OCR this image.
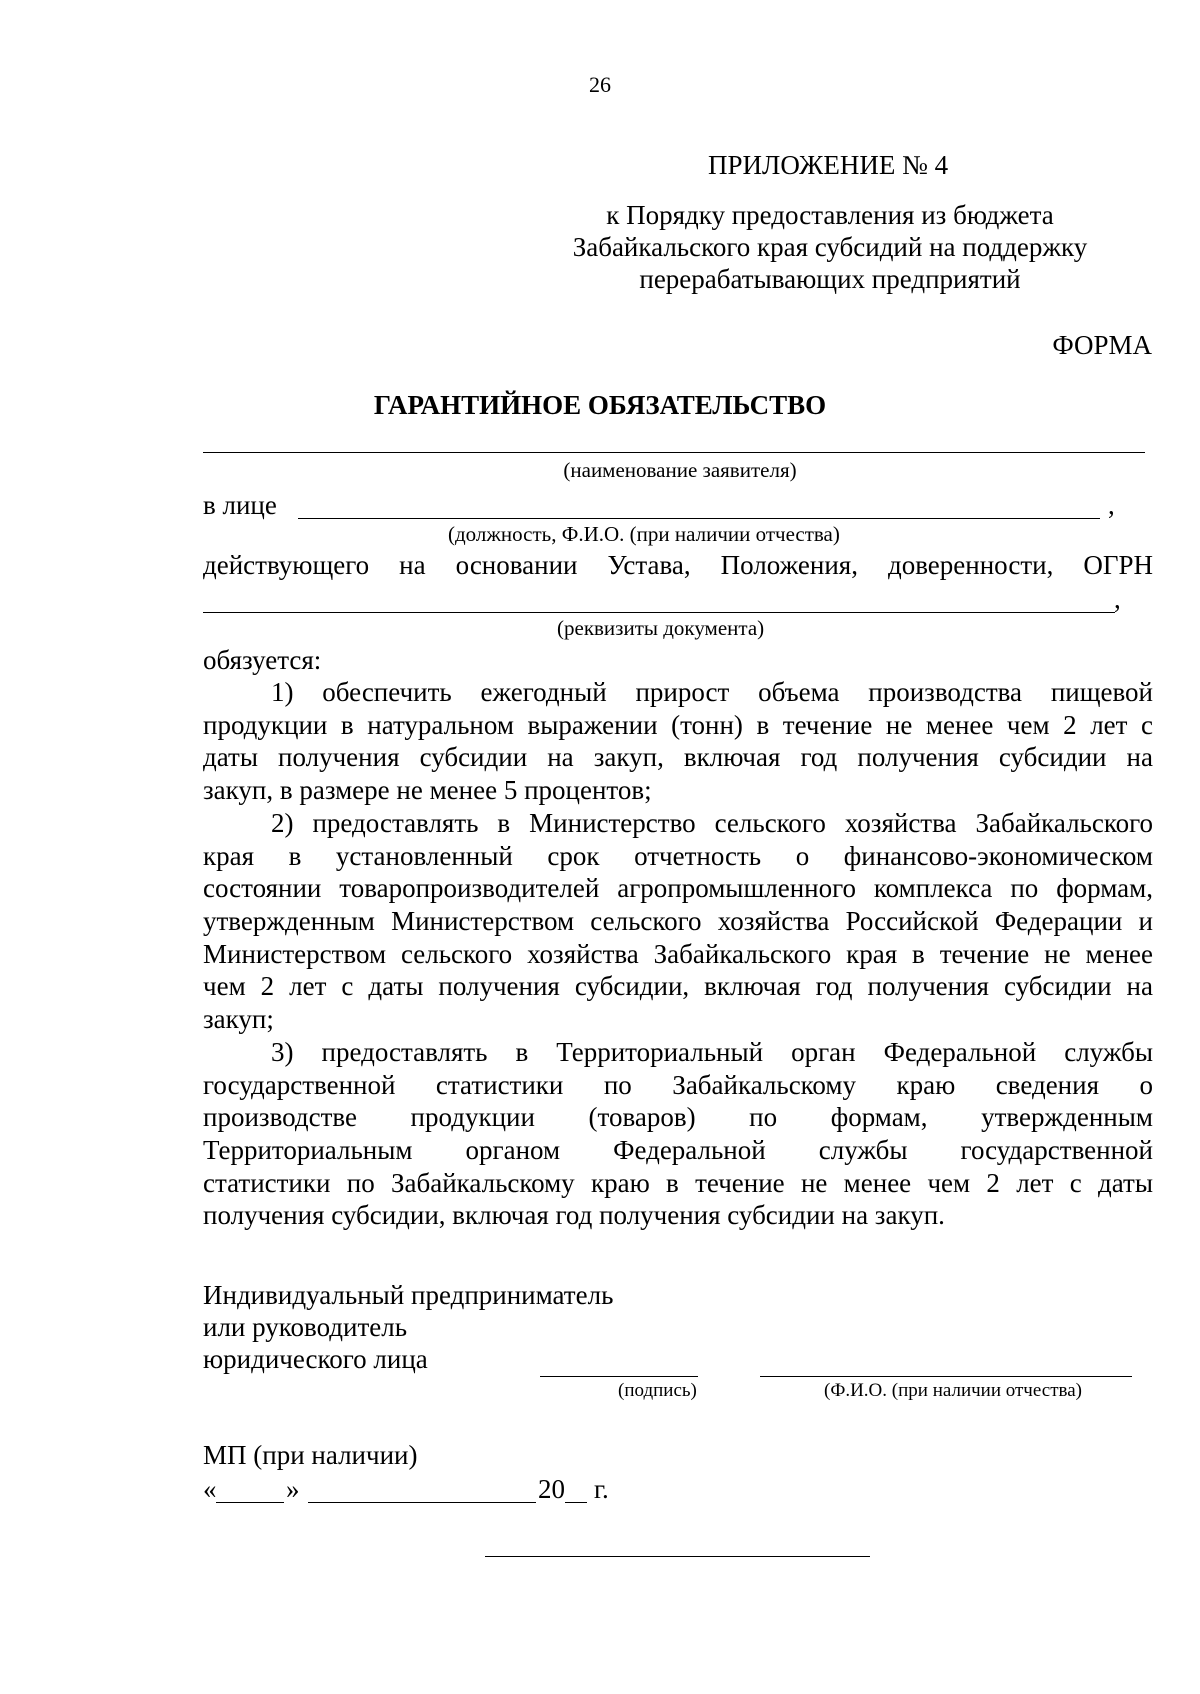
26
ПРИЛОЖЕНИЕ № 4
к Порядку предоставления из бюджета
Забайкальского края субсидий на поддержку
перерабатывающих предприятий
ФОРМА
ГАРАНТИЙНОЕ ОБЯЗАТЕЛЬСТВО
(наименование заявителя)
в лице	,
(должность, Ф.И.О. (при наличии отчества)
действующего на основании Устава, Положения, доверенности, ОГРН
,
(реквизиты документа)
обязуется:
1) обеспечить ежегодный прирост объема производства пищевой
продукции в натуральном выражении (тонн) в течение не менее чем 2 лет с
даты получения субсидии на закуп, включая год получения субсидии на
закуп, в размере не менее 5 процентов;
2) предоставлять в Министерство сельского хозяйства Забайкальского
края в установленный срок отчетность о финансово-экономическом
состоянии товаропроизводителей агропромышленного комплекса по формам,
утвержденным Министерством сельского хозяйства Российской Федерации и
Министерством сельского хозяйства Забайкальского края в течение не менее
чем 2 лет с даты получения субсидии, включая год получения субсидии на
закуп;
3) предоставлять в Территориальный орган Федеральной службы
государственной статистики по Забайкальскому краю сведения о
производстве продукции (товаров) по формам, утвержденным
Территориальным органом Федеральной службы государственной
статистики по Забайкальскому краю в течение не менее чем 2 лет с даты
получения субсидии, включая год получения субсидии на закуп.
Индивидуальный предприниматель
или руководитель
юридического лица
(подпись)	(Ф.И.О. (при наличии отчества)
МП (при наличии)
«	»	20 г.
